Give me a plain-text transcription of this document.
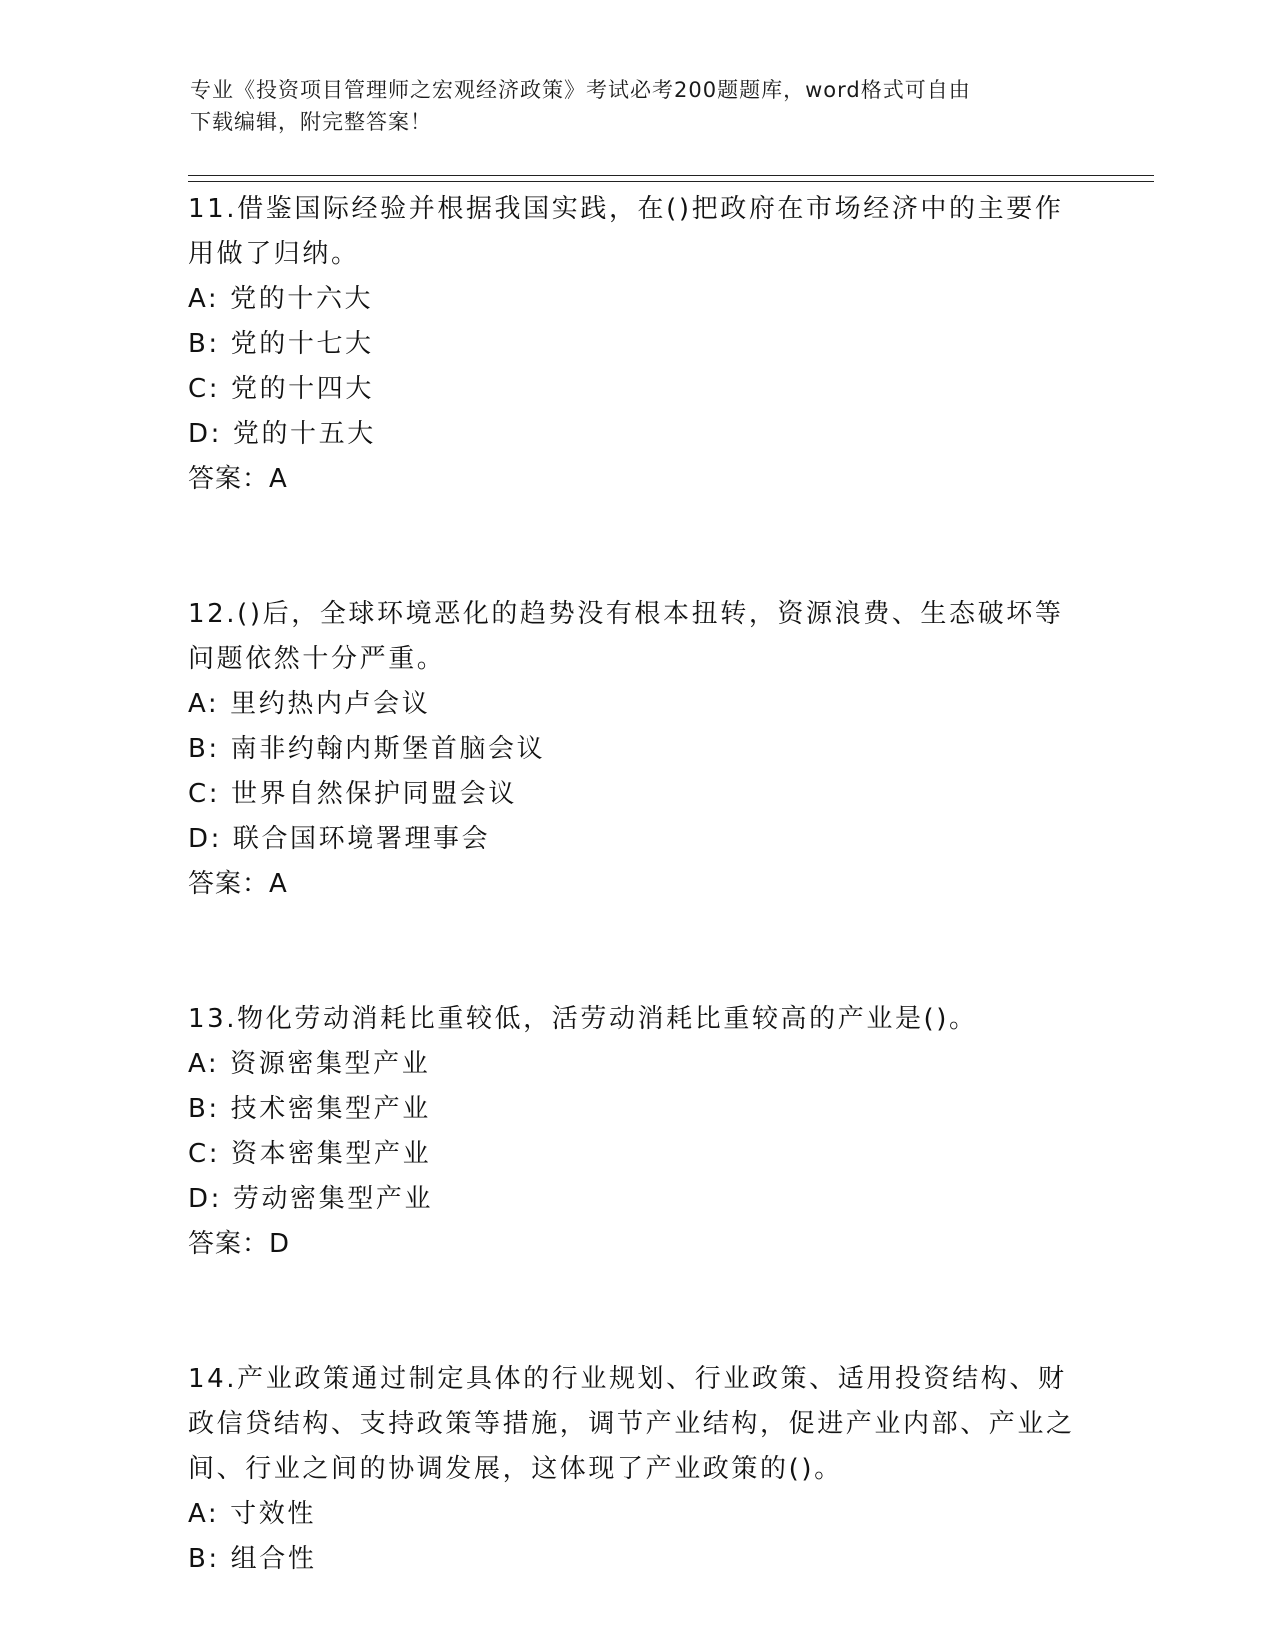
专业《投资项目管理师之宏观经济政策》考试必考200题题库，word格式可自由
下载编辑，附完整答案！

11.借鉴国际经验并根据我国实践，在()把政府在市场经济中的主要作用做了归纳。

A: 党的十六大

B: 党的十七大

C: 党的十四大

D: 党的十五大

答案：A

12.()后，全球环境恶化的趋势没有根本扭转，资源浪费、生态破坏等问题依然十分严重。

A: 里约热内卢会议

B: 南非约翰内斯堡首脑会议

C: 世界自然保护同盟会议

D: 联合国环境署理事会

答案：A

13.物化劳动消耗比重较低，活劳动消耗比重较高的产业是()。

A: 资源密集型产业

B: 技术密集型产业

C: 资本密集型产业

D: 劳动密集型产业

答案：D

14.产业政策通过制定具体的行业规划、行业政策、适用投资结构、财政信贷结构、支持政策等措施，调节产业结构，促进产业内部、产业之间、行业之间的协调发展，这体现了产业政策的()。

A: 寸效性

B: 组合性
